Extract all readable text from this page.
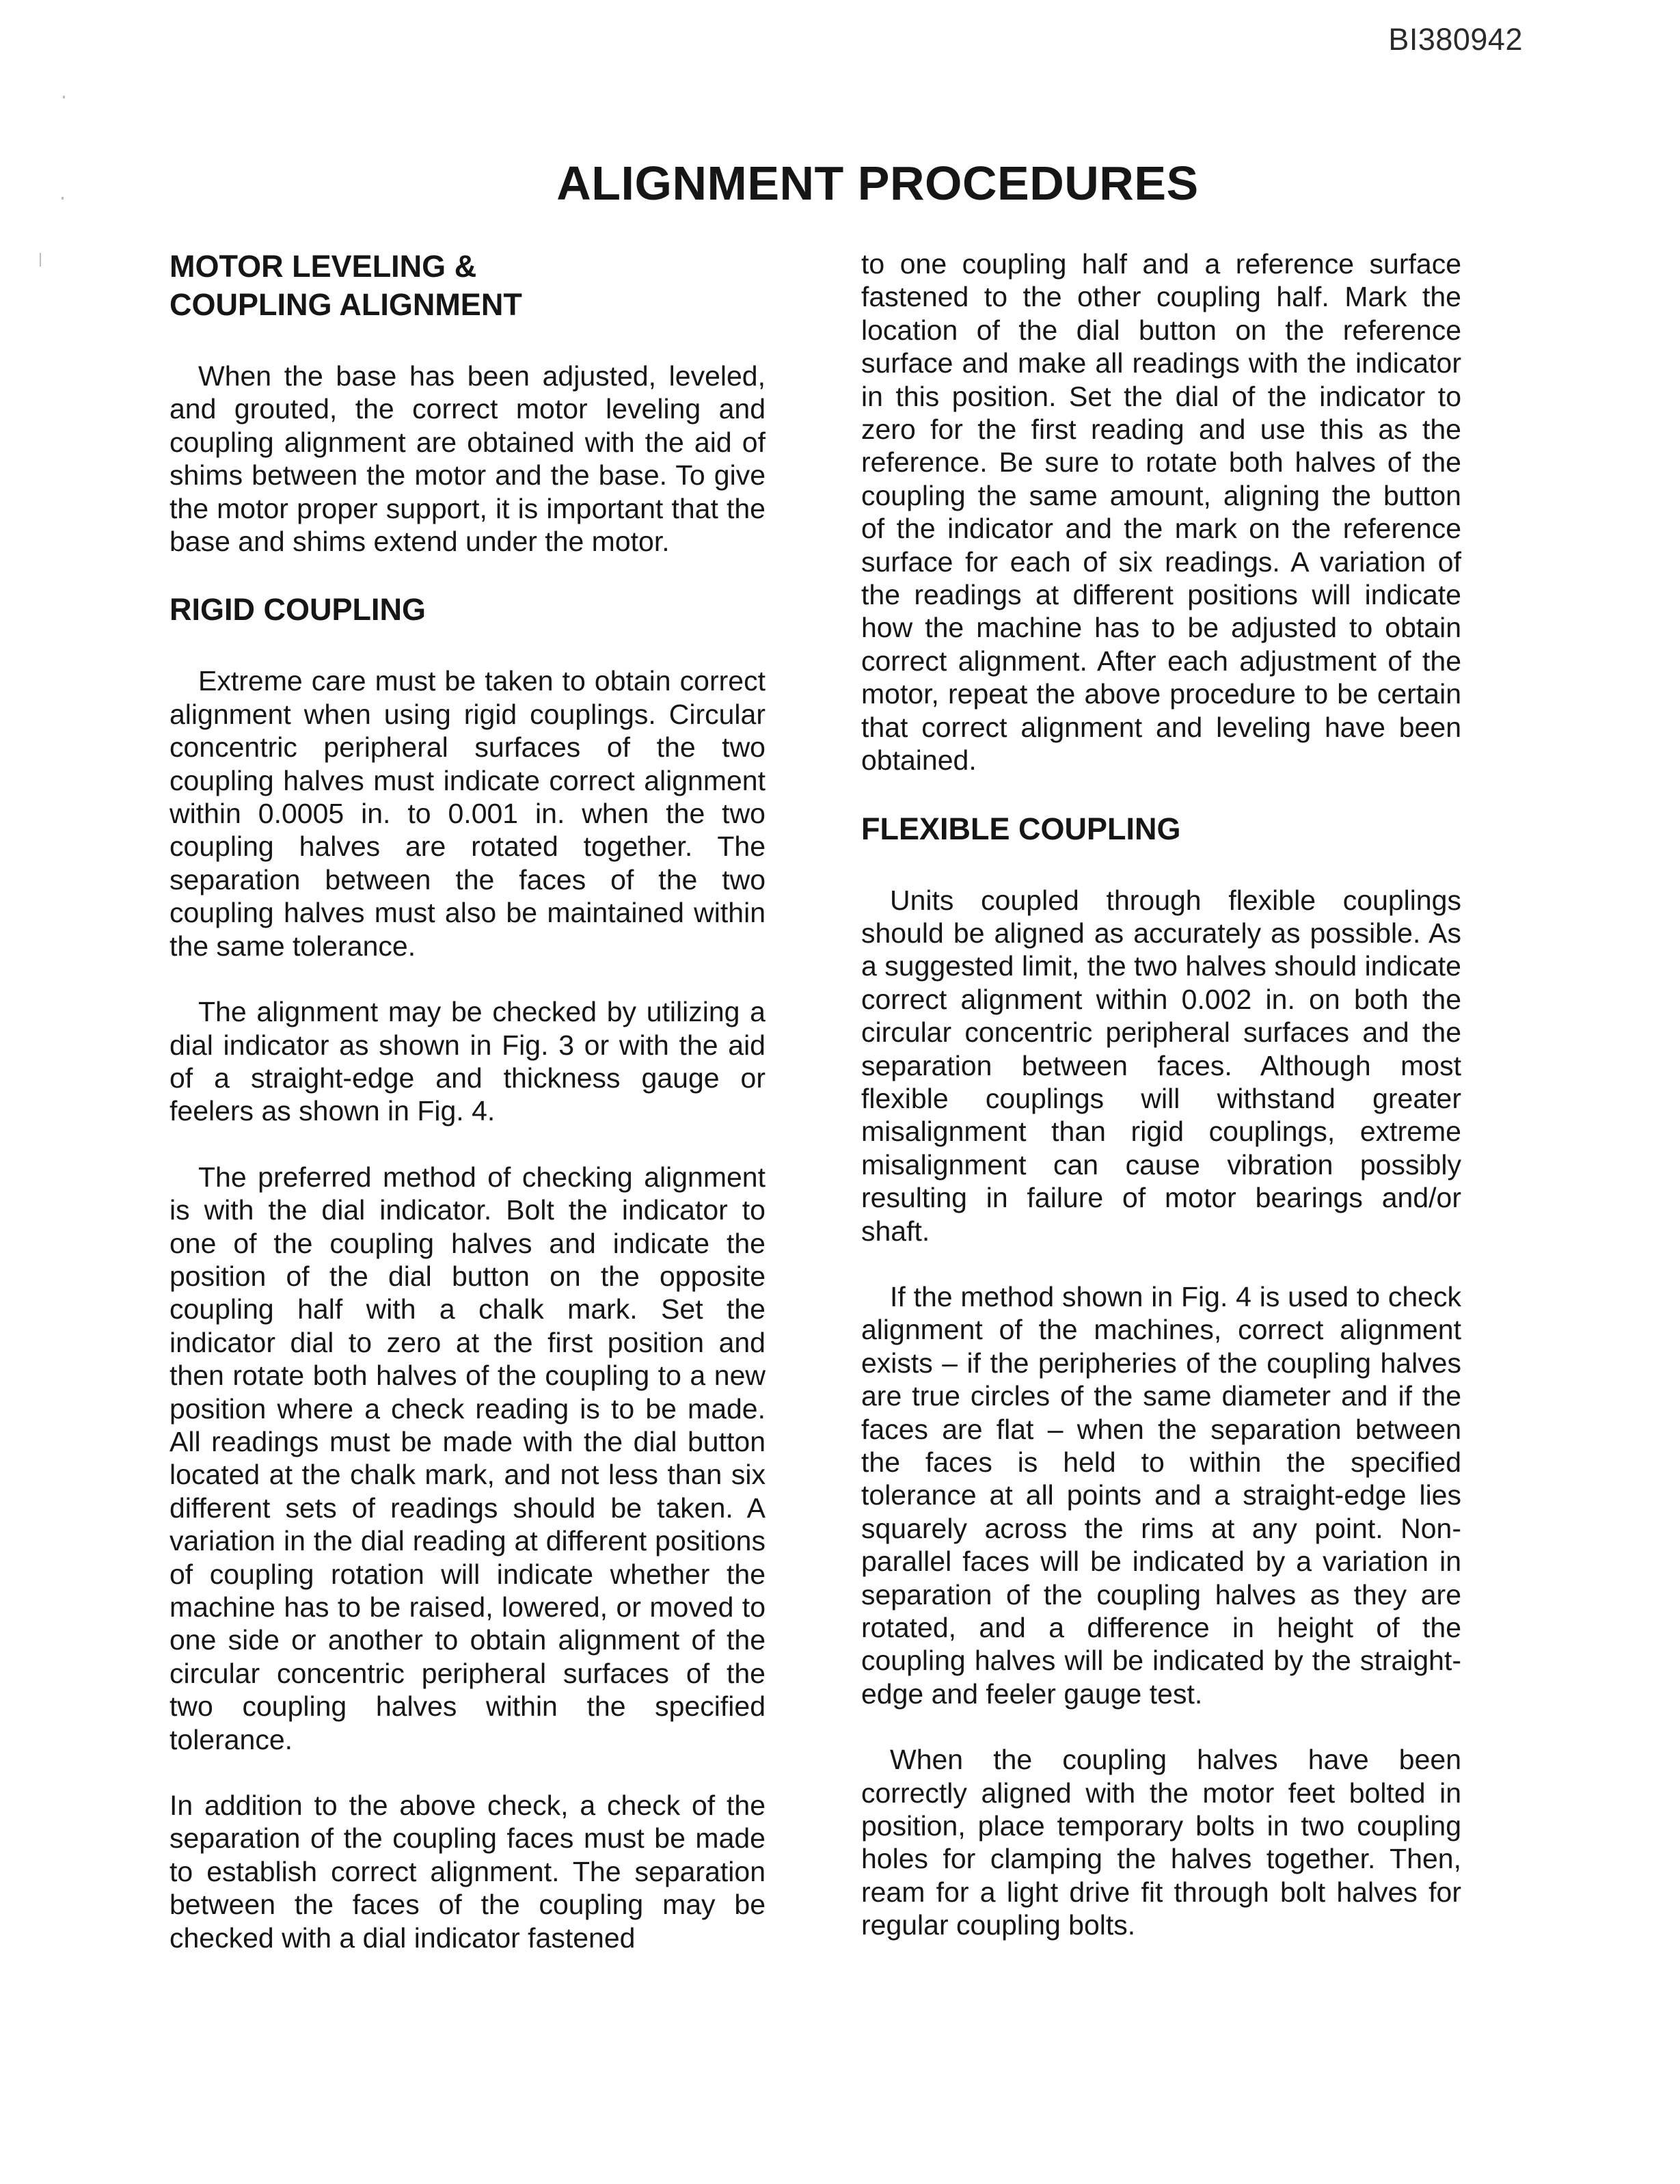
BI380942
ALIGNMENT PROCEDURES
MOTOR LEVELING &
COUPLING ALIGNMENT

When the base has been adjusted, leveled, and grouted, the correct motor leveling and coupling alignment are obtained with the aid of shims between the motor and the base. To give the motor proper support, it is important that the base and shims extend under the motor.

RIGID COUPLING

Extreme care must be taken to obtain correct alignment when using rigid couplings. Circular concentric peripheral surfaces of the two coupling halves must indicate correct alignment within 0.0005 in. to 0.001 in. when the two coupling halves are rotated together. The separation between the faces of the two coupling halves must also be maintained within the same tolerance.

The alignment may be checked by utilizing a dial indicator as shown in Fig. 3 or with the aid of a straight-edge and thickness gauge or feelers as shown in Fig. 4.

The preferred method of checking alignment is with the dial indicator. Bolt the indicator to one of the coupling halves and indicate the position of the dial button on the opposite coupling half with a chalk mark. Set the indicator dial to zero at the first position and then rotate both halves of the coupling to a new position where a check reading is to be made. All readings must be made with the dial button located at the chalk mark, and not less than six different sets of readings should be taken. A variation in the dial reading at different positions of coupling rotation will indicate whether the machine has to be raised, lowered, or moved to one side or another to obtain alignment of the circular concentric peripheral surfaces of the two coupling halves within the specified tolerance.

In addition to the above check, a check of the separation of the coupling faces must be made to establish correct alignment. The separation between the faces of the coupling may be checked with a dial indicator fastened

to one coupling half and a reference surface fastened to the other coupling half. Mark the location of the dial button on the reference surface and make all readings with the indicator in this position. Set the dial of the indicator to zero for the first reading and use this as the reference. Be sure to rotate both halves of the coupling the same amount, aligning the button of the indicator and the mark on the reference surface for each of six readings. A variation of the readings at different positions will indicate how the machine has to be adjusted to obtain correct alignment. After each adjustment of the motor, repeat the above procedure to be certain that correct alignment and leveling have been obtained.

FLEXIBLE COUPLING

Units coupled through flexible couplings should be aligned as accurately as possible. As a suggested limit, the two halves should indicate correct alignment within 0.002 in. on both the circular concentric peripheral surfaces and the separation between faces. Although most flexible couplings will withstand greater misalignment than rigid couplings, extreme misalignment can cause vibration possibly resulting in failure of motor bearings and/or shaft.

If the method shown in Fig. 4 is used to check alignment of the machines, correct alignment exists – if the peripheries of the coupling halves are true circles of the same diameter and if the faces are flat – when the separation between the faces is held to within the specified tolerance at all points and a straight-edge lies squarely across the rims at any point. Non-parallel faces will be indicated by a variation in separation of the coupling halves as they are rotated, and a difference in height of the coupling halves will be indicated by the straight-edge and feeler gauge test.

When the coupling halves have been correctly aligned with the motor feet bolted in position, place temporary bolts in two coupling holes for clamping the halves together. Then, ream for a light drive fit through bolt halves for regular coupling bolts.
